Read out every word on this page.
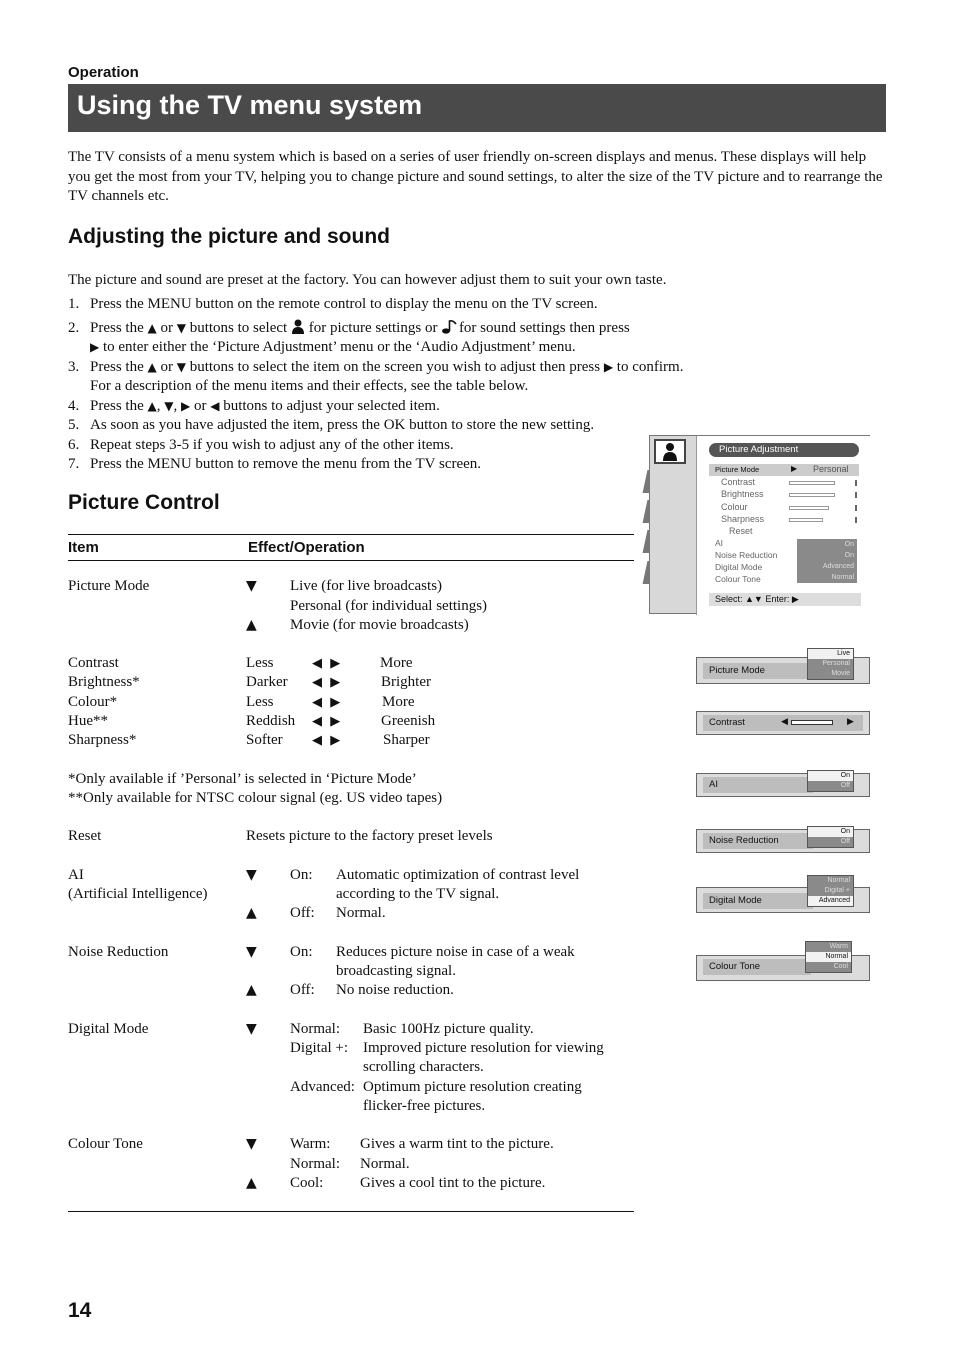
Operation
Using the TV menu system

The TV consists of a menu system which is based on a series of user friendly on-screen displays and menus. These displays will help you get the most from your TV, helping you to change picture and sound settings, to alter the size of the TV picture and to rearrange the TV channels etc.

Adjusting the picture and sound

The picture and sound are preset at the factory. You can however adjust them to suit your own taste.

1. Press the MENU button on the remote control to display the menu on the TV screen.
2. Press the ▲ or ▼ buttons to select for picture settings or for sound settings then press
▶ to enter either the ‘Picture Adjustment’ menu or the ‘Audio Adjustment’ menu.
3. Press the ▲ or ▼ buttons to select the item on the screen you wish to adjust then press ▶ to confirm. For a description of the menu items and their effects, see the table below.
4. Press the ▲, ▼, ▶ or ◀ buttons to adjust your selected item.
5. As soon as you have adjusted the item, press the OK button to store the new setting.
6. Repeat steps 3-5 if you wish to adjust any of the other items.
7. Press the MENU button to remove the menu from the TV screen.
Picture Control
Item	Effect/Operation
Picture Mode	▼ Live (for live broadcasts)
Personal (for individual settings)
▲ Movie (for movie broadcasts)
Contrast	Less	◀  ▶	More
Brightness*	Darker ◀  ▶	Brighter
Colour*	Less	◀  ▶	More
Hue**	Reddish ◀  ▶	Greenish
Sharpness*	Softer ◀  ▶	Sharper
*Only available if ’Personal’ is selected in ‘Picture Mode’
**Only available for NTSC colour signal (eg. US video tapes)
Reset	Resets picture to the factory preset levels
AI
(Artificial Intelligence)
▼ On: Automatic optimization of contrast level
according to the TV signal.
▲ Off: Normal.
Noise Reduction	▼ On: Reduces picture noise in case of a weak
broadcasting signal.
▲ Off: No noise reduction.
Digital Mode	▼ Normal: Basic 100Hz picture quality.
Digital +: Improved picture resolution for viewing
scrolling characters.
Advanced: Optimum picture resolution creating
flicker-free pictures.
Colour Tone	▼ Warm: Gives a warm tint to the picture.
Normal: Normal.
▲ Cool: Gives a cool tint to the picture.
Picture Adjustment
Picture Mode	▶ Personal
Contrast
Brightness
Colour
Sharpness
Reset
AI
Noise Reduction
Digital Mode
Colour Tone
On
On
Advanced
Normal
Select: ▲▼ Enter: ▶
Picture Mode
Live
Personal
Movie
Contrast	◀	▶
AI
On
Off
Noise Reduction
On
Off
Digital Mode
Normal
Digital +
Advanced
Colour Tone
Warm
Normal
Cool
14
